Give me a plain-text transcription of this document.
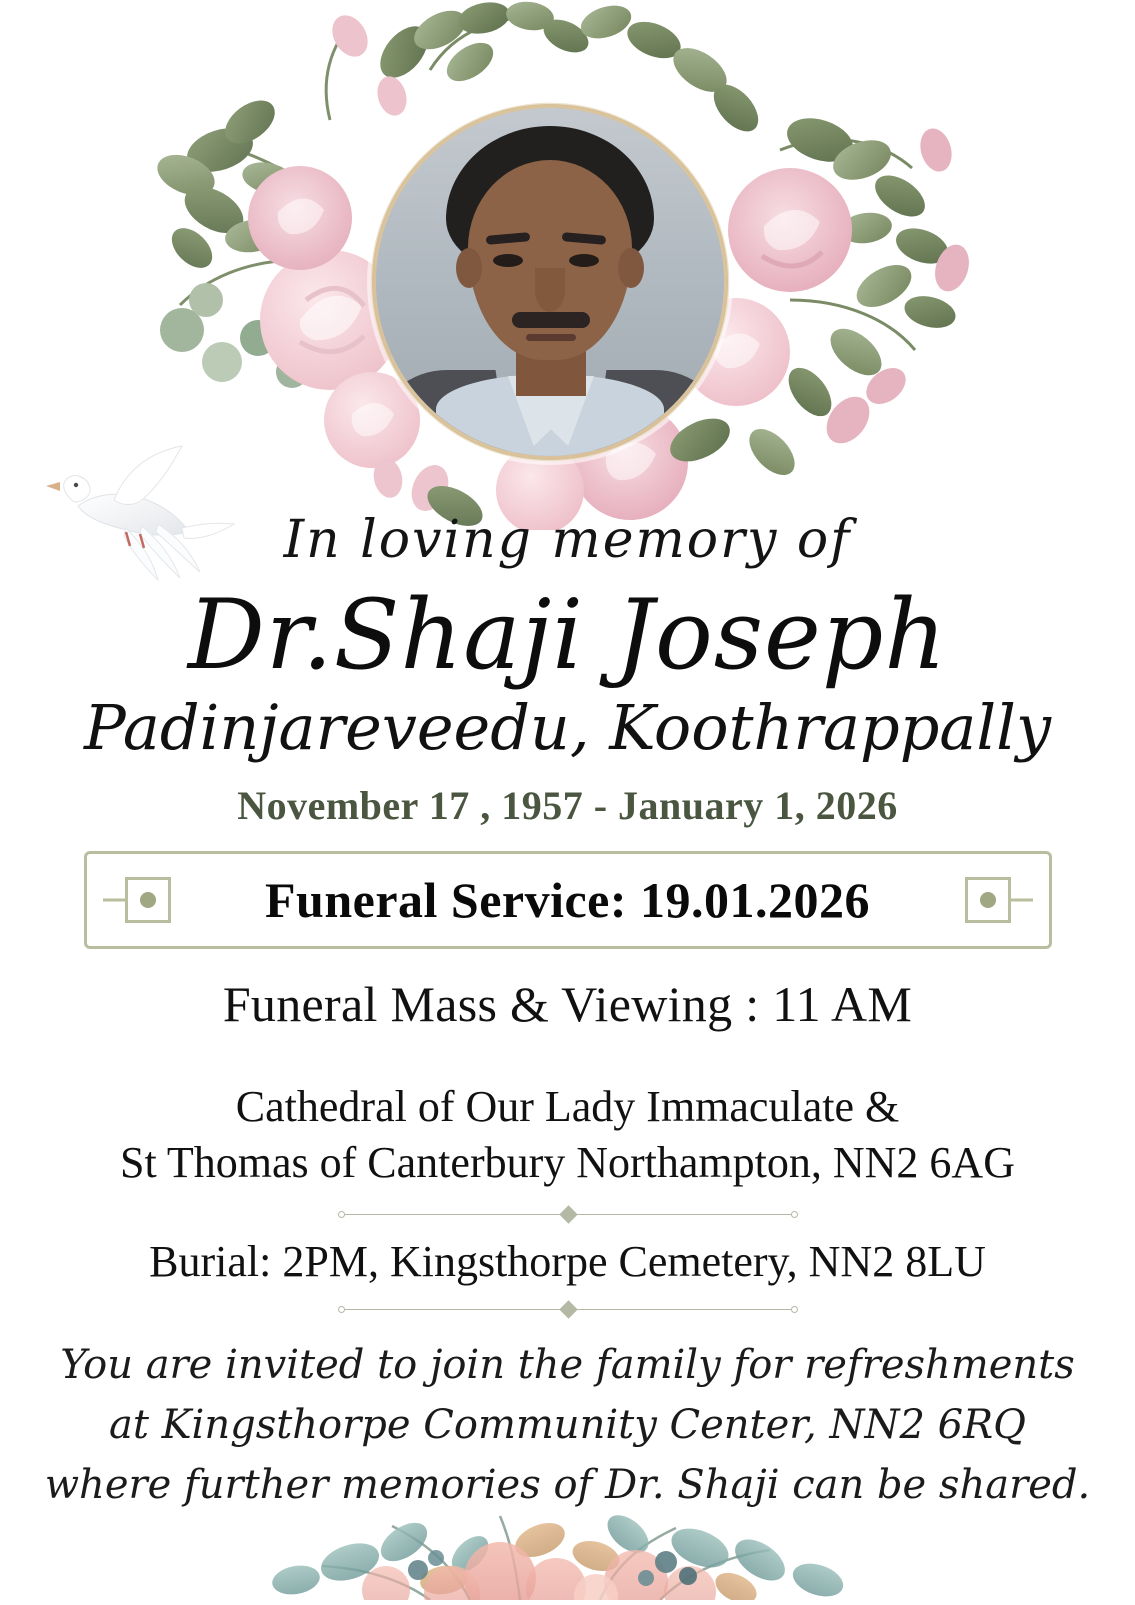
In loving memory of
Dr.Shaji Joseph
Padinjareveedu, Koothrappally
November 17 , 1957 - January 1, 2026
Funeral Service: 19.01.2026
Funeral Mass & Viewing : 11 AM
Cathedral of Our Lady Immaculate &
St Thomas of Canterbury Northampton, NN2 6AG
Burial: 2PM, Kingsthorpe Cemetery, NN2 8LU
You are invited to join the family for refreshments
at Kingsthorpe Community Center, NN2 6RQ
where further memories of Dr. Shaji can be shared.
